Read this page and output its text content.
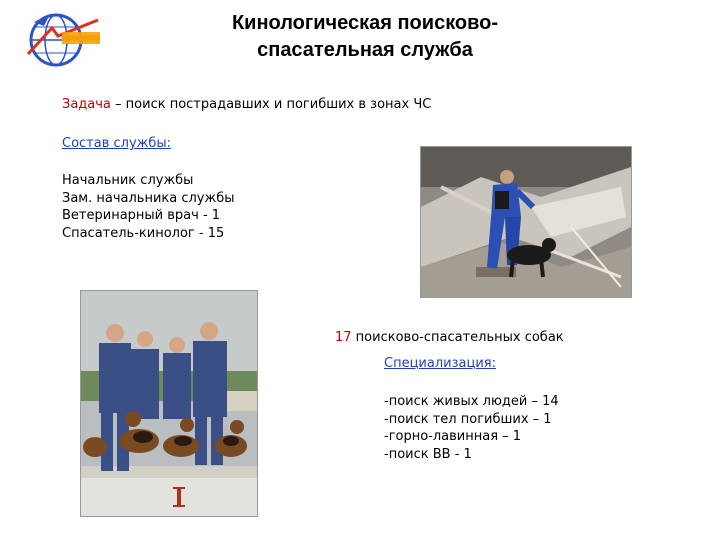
Кинологическая поисково-
спасательная служба
Задача – поиск пострадавших и погибших в зонах ЧС
Состав службы:
Начальник службы
Зам. начальника службы
Ветеринарный врач - 1
Спасатель-кинолог - 15
17 поисково-спасательных собак
Специализация:
-поиск живых людей – 14
-поиск тел погибших – 1
-горно-лавинная – 1
-поиск ВВ - 1
